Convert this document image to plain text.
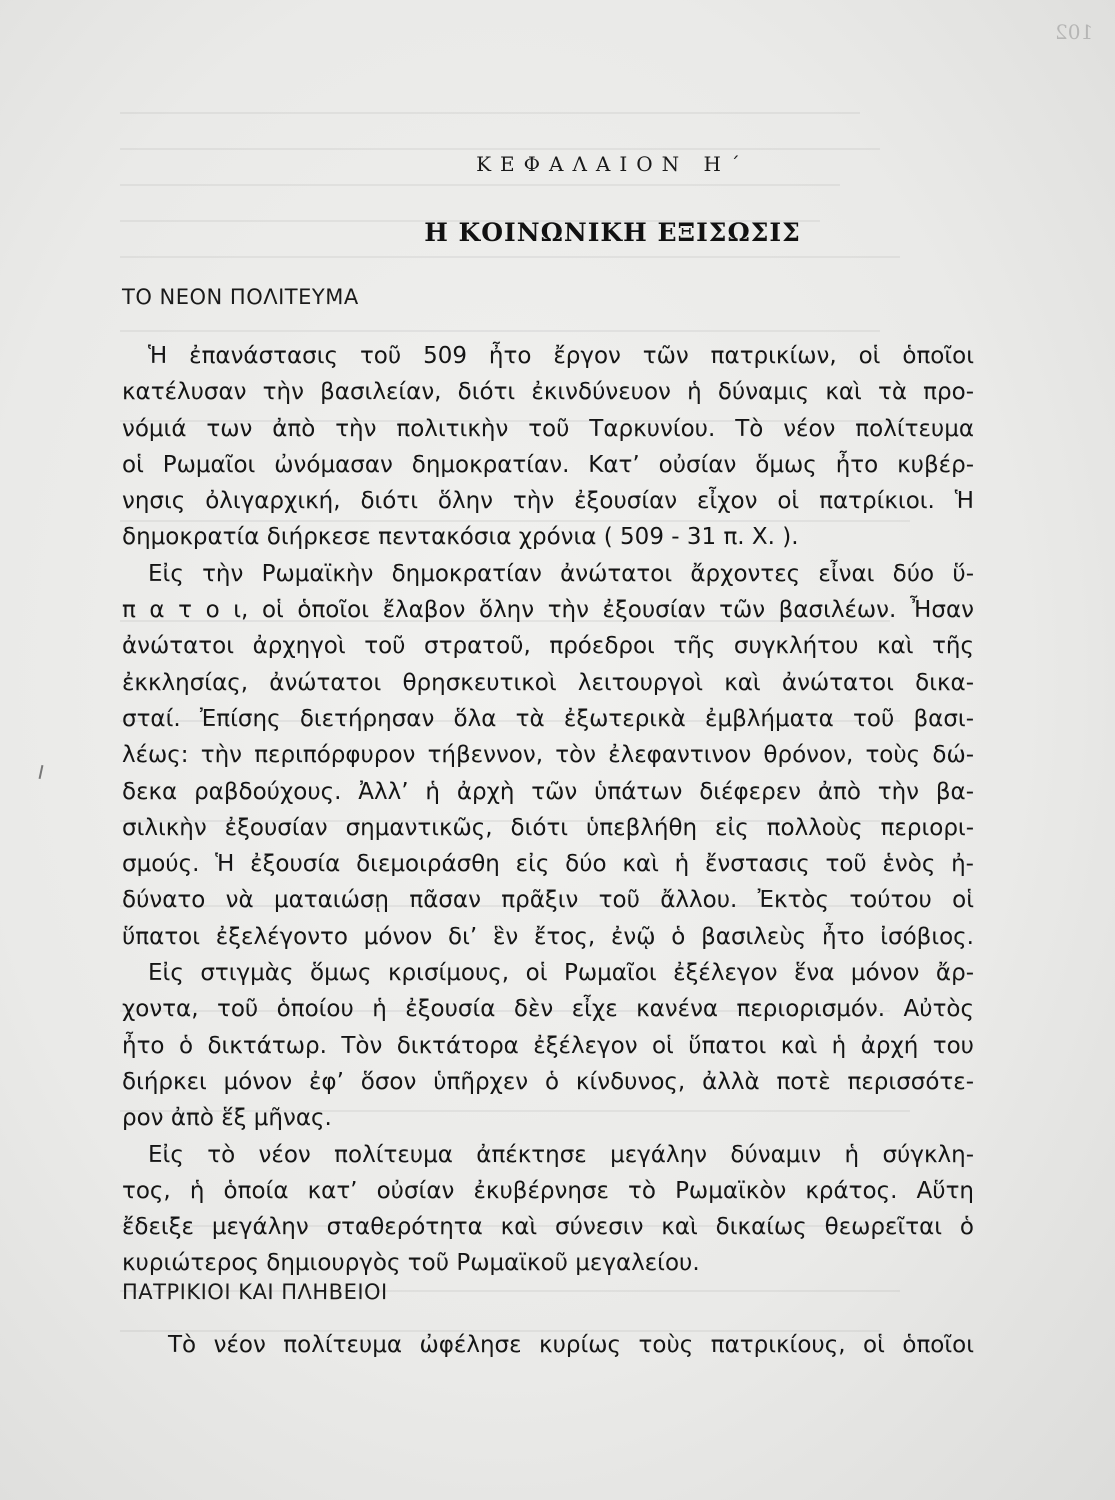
102
ΚΕΦΑΛΑΙΟΝ Η΄
Η ΚΟΙΝΩΝΙΚΗ ΕΞΙΣΩΣΙΣ
ΤΟ ΝΕΟΝ ΠΟΛΙΤΕΥΜΑ
Ἡ ἐπανάστασις τοῦ 509 ἦτο ἔργον τῶν πατρικίων, οἱ ὁποῖοι
κατέλυσαν τὴν βασιλείαν, διότι ἐκινδύνευον ἡ δύναμις καὶ τὰ προ-
νόμιά των ἀπὸ τὴν πολιτικὴν τοῦ Ταρκυνίου. Τὸ νέον πολίτευμα
οἱ Ρωμαῖοι ὠνόμασαν δημοκρατίαν. Κατ’ οὐσίαν ὅμως ἦτο κυβέρ-
νησις ὀλιγαρχική, διότι ὅλην τὴν ἐξουσίαν εἶχον οἱ πατρίκιοι. Ἡ
δημοκρατία διήρκεσε πεντακόσια χρόνια ( 509 - 31 π. Χ. ).
Εἰς τὴν Ρωμαϊκὴν δημοκρατίαν ἀνώτατοι ἄρχοντες εἶναι δύο ὕ-
π α τ ο ι, οἱ ὁποῖοι ἔλαβον ὅλην τὴν ἐξουσίαν τῶν βασιλέων. Ἦσαν
ἀνώτατοι ἀρχηγοὶ τοῦ στρατοῦ, πρόεδροι τῆς συγκλήτου καὶ τῆς
ἐκκλησίας, ἀνώτατοι θρησκευτικοὶ λειτουργοὶ καὶ ἀνώτατοι δικα-
σταί. Ἐπίσης διετήρησαν ὅλα τὰ ἐξωτερικὰ ἐμβλήματα τοῦ βασι-
λέως: τὴν περιπόρφυρον τήβεννον, τὸν ἐλεφαντινον θρόνον, τοὺς δώ-
δεκα ραβδούχους. Ἀλλ’ ἡ ἀρχὴ τῶν ὑπάτων διέφερεν ἀπὸ τὴν βα-
σιλικὴν ἐξουσίαν σημαντικῶς, διότι ὑπεβλήθη εἰς πολλοὺς περιορι-
σμούς. Ἡ ἐξουσία διεμοιράσθη εἰς δύο καὶ ἡ ἔνστασις τοῦ ἑνὸς ἠ-
δύνατο νὰ ματαιώσῃ πᾶσαν πρᾶξιν τοῦ ἄλλου. Ἐκτὸς τούτου οἱ
ὕπατοι ἐξελέγοντο μόνον δι’ ἓν ἔτος, ἐνῷ ὁ βασιλεὺς ἦτο ἰσόβιος.
Εἰς στιγμὰς ὅμως κρισίμους, οἱ Ρωμαῖοι ἐξέλεγον ἕνα μόνον ἄρ-
χοντα, τοῦ ὁποίου ἡ ἐξουσία δὲν εἶχε κανένα περιορισμόν. Αὐτὸς
ἦτο ὁ δικτάτωρ. Τὸν δικτάτορα ἐξέλεγον οἱ ὕπατοι καὶ ἡ ἀρχή του
διήρκει μόνον ἐφ’ ὅσον ὑπῆρχεν ὁ κίνδυνος, ἀλλὰ ποτὲ περισσότε-
ρον ἀπὸ ἕξ μῆνας.
Εἰς τὸ νέον πολίτευμα ἀπέκτησε μεγάλην δύναμιν ἡ σύγκλη-
τος, ἡ ὁποία κατ’ οὐσίαν ἐκυβέρνησε τὸ Ρωμαϊκὸν κράτος. Αὕτη
ἔδειξε μεγάλην σταθερότητα καὶ σύνεσιν καὶ δικαίως θεωρεῖται ὁ
κυριώτερος δημιουργὸς τοῦ Ρωμαϊκοῦ μεγαλείου.
ΠΑΤΡΙΚΙΟΙ ΚΑΙ ΠΛΗΒΕΙΟΙ
Τὸ νέον πολίτευμα ὠφέλησε κυρίως τοὺς πατρικίους, οἱ ὁποῖοι
